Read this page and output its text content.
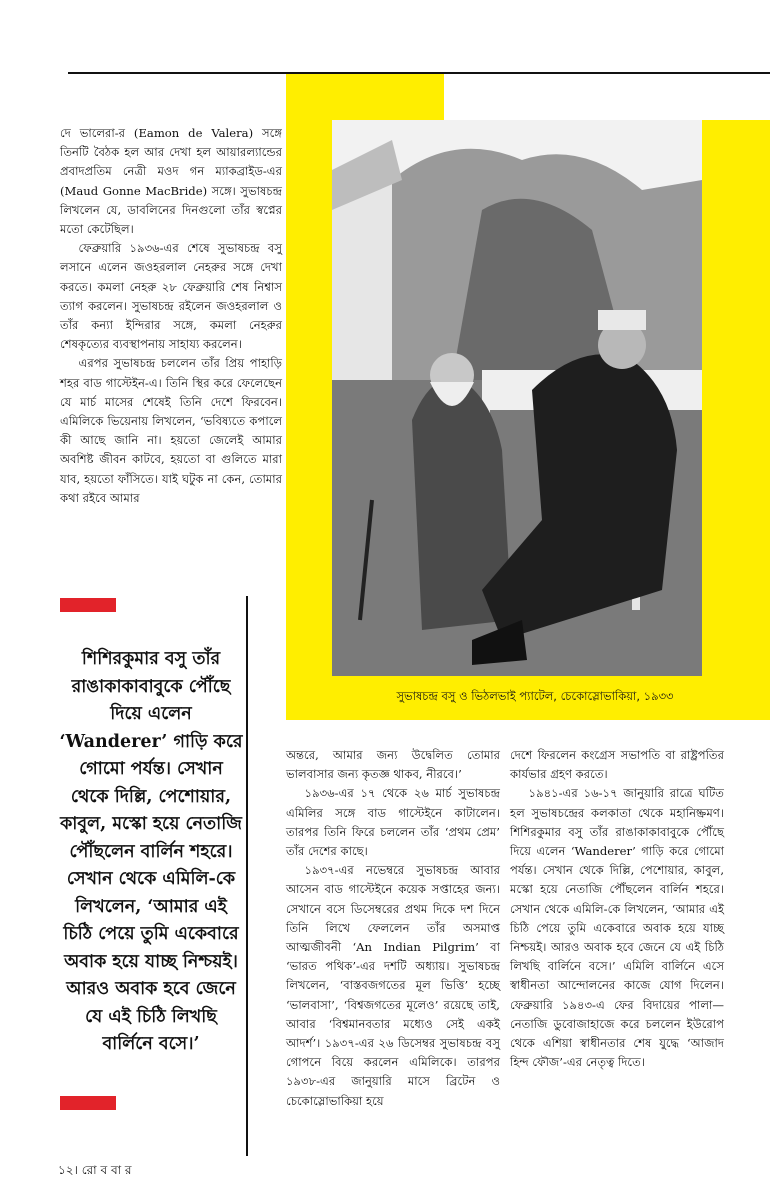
সুভাষচন্দ্র বসু ও ভিঠলভাই প্যাটেল, চেকোস্লোভাকিয়া, ১৯৩৩

দে ভালেরা-র (Eamon de Valera) সঙ্গে তিনটি বৈঠক হল আর দেখা হল আয়ারল্যান্ডের প্রবাদপ্রতিম নেত্রী মওদ গন ম্যাকব্রাইড-এর (Maud Gonne MacBride) সঙ্গে। সুভাষচন্দ্র লিখলেন যে, ডাবলিনের দিনগুলো তাঁর স্বপ্নের মতো কেটেছিল।

ফেব্রুয়ারি ১৯৩৬-এর শেষে সুভাষচন্দ্র বসু লসানে এলেন জওহরলাল নেহরুর সঙ্গে দেখা করতে। কমলা নেহরু ২৮ ফেব্রুয়ারি শেষ নিশ্বাস ত্যাগ করলেন। সুভাষচন্দ্র রইলেন জওহরলাল ও তাঁর কন্যা ইন্দিরার সঙ্গে, কমলা নেহরুর শেষকৃত্যের ব্যবস্থাপনায় সাহায্য করলেন।

এরপর সুভাষচন্দ্র চললেন তাঁর প্রিয় পাহাড়ি শহর বাড গাস্টেইন-এ। তিনি স্থির করে ফেলেছেন যে মার্চ মাসের শেষেই তিনি দেশে ফিরবেন। এমিলিকে ভিয়েনায় লিখলেন, ‘ভবিষ্যতে কপালে কী আছে জানি না। হয়তো জেলেই আমার অবশিষ্ট জীবন কাটবে, হয়তো বা গুলিতে মারা যাব, হয়তো ফাঁসিতে। যাই ঘটুক না কেন, তোমার কথা রইবে আমার

শিশিরকুমার বসু তাঁর রাঙাকাকাবাবুকে পৌঁছে দিয়ে এলেন ‘Wanderer’ গাড়ি করে গোমো পর্যন্ত। সেখান থেকে দিল্লি, পেশোয়ার, কাবুল, মস্কো হয়ে নেতাজি পৌঁছলেন বার্লিন শহরে। সেখান থেকে এমিলি-কে লিখলেন, ‘আমার এই চিঠি পেয়ে তুমি একেবারে অবাক হয়ে যাচ্ছ নিশ্চয়ই। আরও অবাক হবে জেনে যে এই চিঠি লিখছি বার্লিনে বসে।’

অন্তরে, আমার জন্য উদ্বেলিত তোমার ভালবাসার জন্য কৃতজ্ঞ থাকব, নীরবে।’

১৯৩৬-এর ১৭ থেকে ২৬ মার্চ সুভাষচন্দ্র এমিলির সঙ্গে বাড গাস্টেইনে কাটালেন। তারপর তিনি ফিরে চললেন তাঁর ‘প্রথম প্রেম’ তাঁর দেশের কাছে।

১৯৩৭-এর নভেম্বরে সুভাষচন্দ্র আবার আসেন বাড গাস্টেইনে কয়েক সপ্তাহের জন্য। সেখানে বসে ডিসেম্বরের প্রথম দিকে দশ দিনে তিনি লিখে ফেললেন তাঁর অসমাপ্ত আত্মজীবনী ‘An Indian Pilgrim’ বা ‘ভারত পথিক’-এর দশটি অধ্যায়। সুভাষচন্দ্র লিখলেন, ‘বাস্তবজগতের মূল ভিত্তি’ হচ্ছে ‘ভালবাসা’, ‘বিশ্বজগতের মূলেও’ রয়েছে তাই, আবার ‘বিশ্বমানবতার মধ্যেও সেই একই আদর্শ’। ১৯৩৭-এর ২৬ ডিসেম্বর সুভাষচন্দ্র বসু গোপনে বিয়ে করলেন এমিলিকে। তারপর ১৯৩৮-এর জানুয়ারি মাসে ব্রিটেন ও চেকোস্লোভাকিয়া হয়ে

দেশে ফিরলেন কংগ্রেস সভাপতি বা রাষ্ট্রপতির কার্যভার গ্রহণ করতে।

১৯৪১-এর ১৬-১৭ জানুয়ারি রাত্রে ঘটিত হল সুভাষচন্দ্রের কলকাতা থেকে মহানিষ্ক্রমণ। শিশিরকুমার বসু তাঁর রাঙাকাকাবাবুকে পৌঁছে দিয়ে এলেন ‘Wanderer’ গাড়ি করে গোমো পর্যন্ত। সেখান থেকে দিল্লি, পেশোয়ার, কাবুল, মস্কো হয়ে নেতাজি পৌঁছলেন বার্লিন শহরে। সেখান থেকে এমিলি-কে লিখলেন, ‘আমার এই চিঠি পেয়ে তুমি একেবারে অবাক হয়ে যাচ্ছ নিশ্চয়ই। আরও অবাক হবে জেনে যে এই চিঠি লিখছি বার্লিনে বসে।’ এমিলি বার্লিনে এসে স্বাধীনতা আন্দোলনের কাজে যোগ দিলেন। ফেব্রুয়ারি ১৯৪৩-এ ফের বিদায়ের পালা— নেতাজি ডুবোজাহাজে করে চললেন ইউরোপ থেকে এশিয়া স্বাধীনতার শেষ যুদ্ধে ‘আজাদ হিন্দ ফৌজ’-এর নেতৃত্ব দিতে।

১২। রো ব বা র
